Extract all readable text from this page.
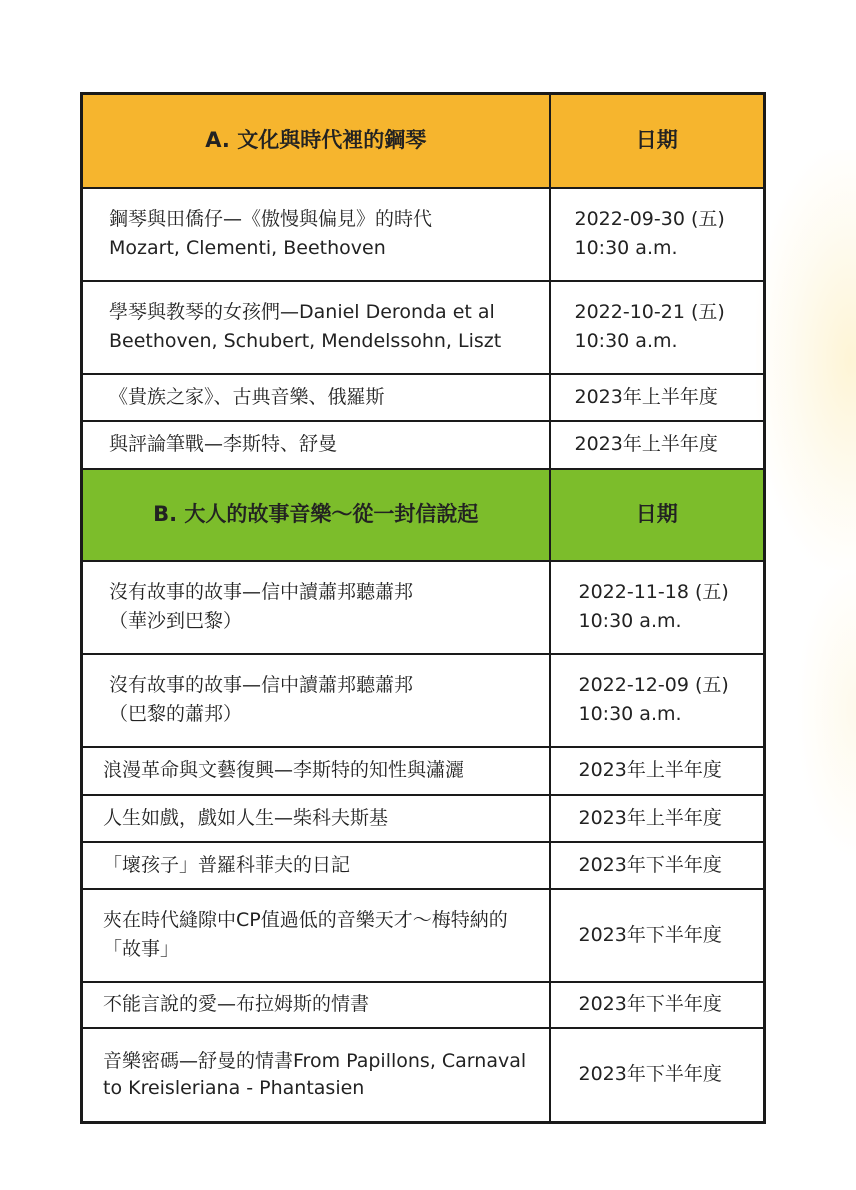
A. 文化與時代裡的鋼琴	日期

鋼琴與田僑仔—《傲慢與偏見》的時代
Mozart, Clementi, Beethoven	2022-09-30 (五)
10:30 a.m.

學琴與教琴的女孩們—Daniel Deronda et al
Beethoven, Schubert, Mendelssohn, Liszt	2022-10-21 (五)
10:30 a.m.

《貴族之家》、古典音樂、俄羅斯	2023年上半年度

與評論筆戰—李斯特、舒曼	2023年上半年度

B. 大人的故事音樂～從一封信說起	日期

沒有故事的故事—信中讀蕭邦聽蕭邦
（華沙到巴黎）	2022-11-18 (五)
10:30 a.m.

沒有故事的故事—信中讀蕭邦聽蕭邦
（巴黎的蕭邦）	2022-12-09 (五)
10:30 a.m.

浪漫革命與文藝復興—李斯特的知性與瀟灑	2023年上半年度

人生如戲，戲如人生—柴科夫斯基	2023年上半年度

「壞孩子」普羅科菲夫的日記	2023年下半年度

夾在時代縫隙中CP值過低的音樂天才～梅特納的
「故事」	2023年下半年度

不能言說的愛—布拉姆斯的情書	2023年下半年度

音樂密碼—舒曼的情書From Papillons, Carnaval to Kreisleriana - Phantasien	2023年下半年度
